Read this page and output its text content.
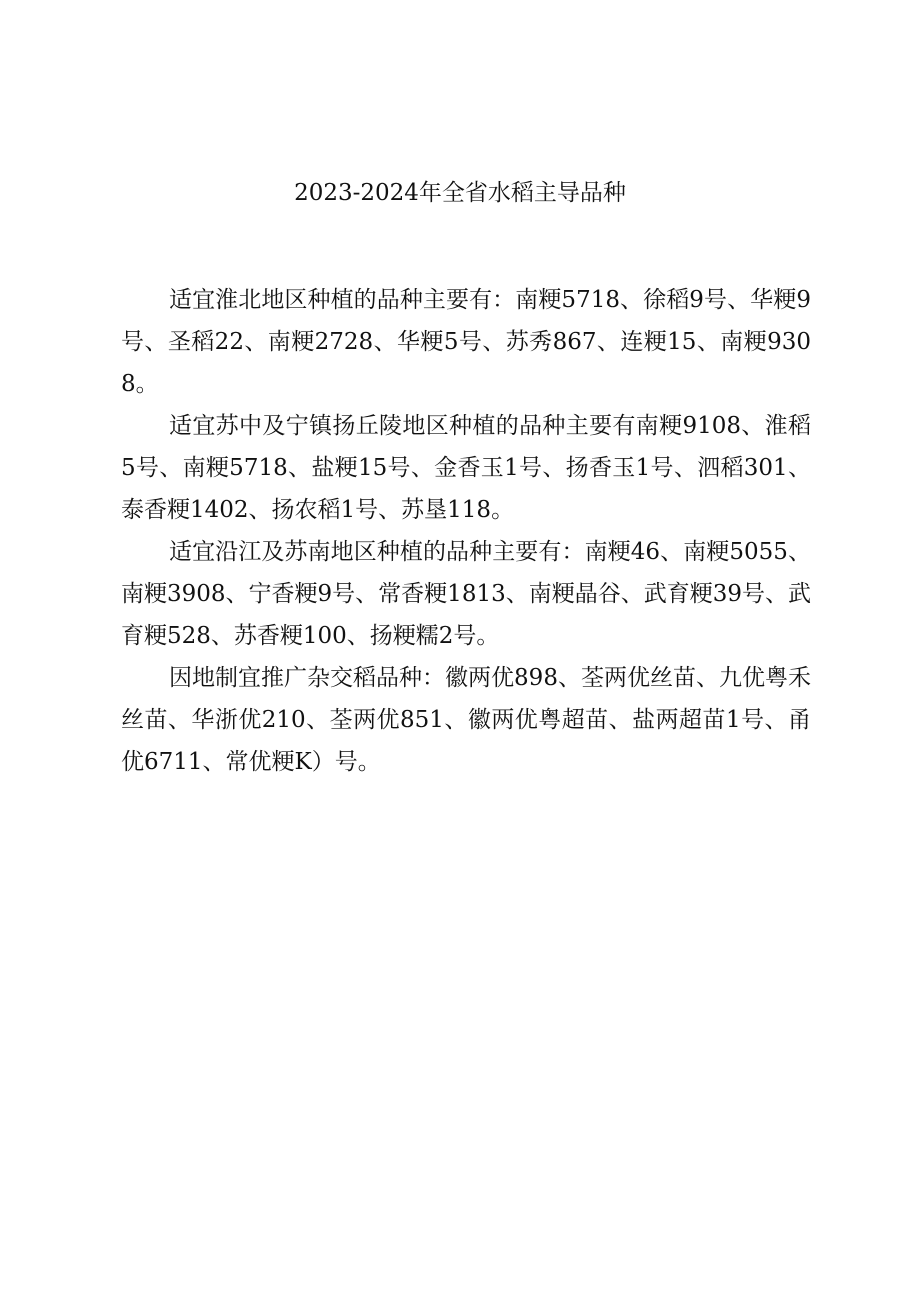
2023-2024年全省水稻主导品种

适宜淮北地区种植的品种主要有：南粳5718、徐稻9号、华粳9号、圣稻22、南粳2728、华粳5号、苏秀867、连粳15、南粳9308。

适宜苏中及宁镇扬丘陵地区种植的品种主要有南粳9108、淮稻5号、南粳5718、盐粳15号、金香玉1号、扬香玉1号、泗稻301、泰香粳1402、扬农稻1号、苏垦118。

适宜沿江及苏南地区种植的品种主要有：南粳46、南粳5055、南粳3908、宁香粳9号、常香粳1813、南粳晶谷、武育粳39号、武育粳528、苏香粳100、扬粳糯2号。

因地制宜推广杂交稻品种：徽两优898、荃两优丝苗、九优粤禾丝苗、华浙优210、荃两优851、徽两优粤超苗、盐两超苗1号、甬优6711、常优粳K）号。
